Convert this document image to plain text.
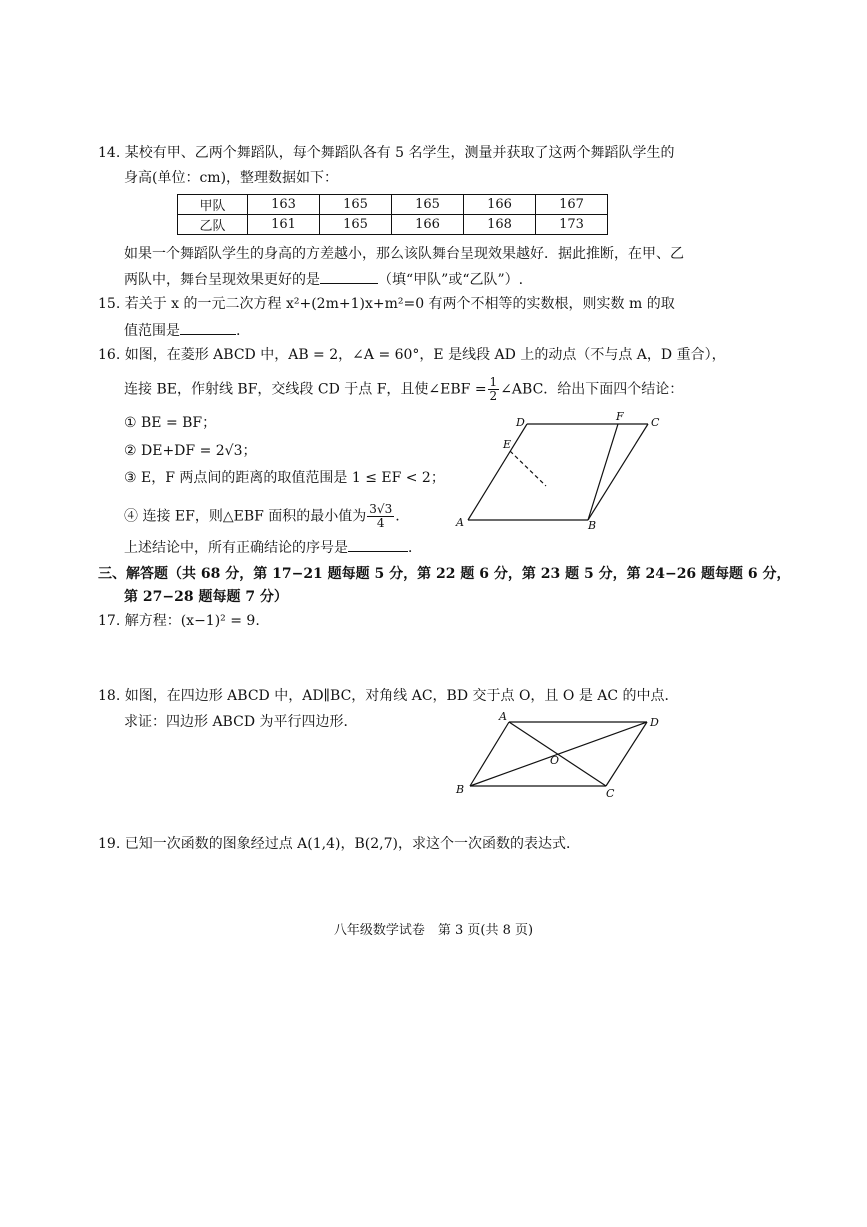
14. 某校有甲、乙两个舞蹈队，每个舞蹈队各有 5 名学生，测量并获取了这两个舞蹈队学生的
身高(单位：cm)，整理数据如下：
甲队	163	165	165	166	167
乙队	161	165	166	168	173
如果一个舞蹈队学生的身高的方差越小，那么该队舞台呈现效果越好．据此推断，在甲、乙
两队中，舞台呈现效果更好的是	（填“甲队”或“乙队”）.
15. 若关于 x 的一元二次方程 x²+(2m+1)x+m²=0 有两个不相等的实数根，则实数 m 的取
值范围是	.
16. 如图，在菱形 ABCD 中，AB = 2，∠A = 60°，E 是线段 AD 上的动点（不与点 A，D 重合），
连接 BE，作射线 BF，交线段 CD 于点 F，且使∠EBF = $\frac{1}{2}$ ∠ABC．给出下面四个结论：
① BE = BF；
② DE+DF = 2√3；
③ E，F 两点间的距离的取值范围是 1 ≤ EF < 2；
④ 连接 EF，则△EBF 面积的最小值为 $\frac{3√3}{4}$ .
上述结论中，所有正确结论的序号是	．
A	B
C
D
E
F
三、解答题（共 68 分，第 17−21 题每题 5 分，第 22 题 6 分，第 23 题 5 分，第 24−26 题每题 6 分，
第 27−28 题每题 7 分）
17. 解方程：(x−1)² = 9.
18. 如图，在四边形 ABCD 中，AD∥BC，对角线 AC，BD 交于点 O，且 O 是 AC 的中点．
求证：四边形 ABCD 为平行四边形．	A
B	C
D
O
19. 已知一次函数的图象经过点 A(1,4)，B(2,7)，求这个一次函数的表达式．
八年级数学试卷　第 3 页(共 8 页)
